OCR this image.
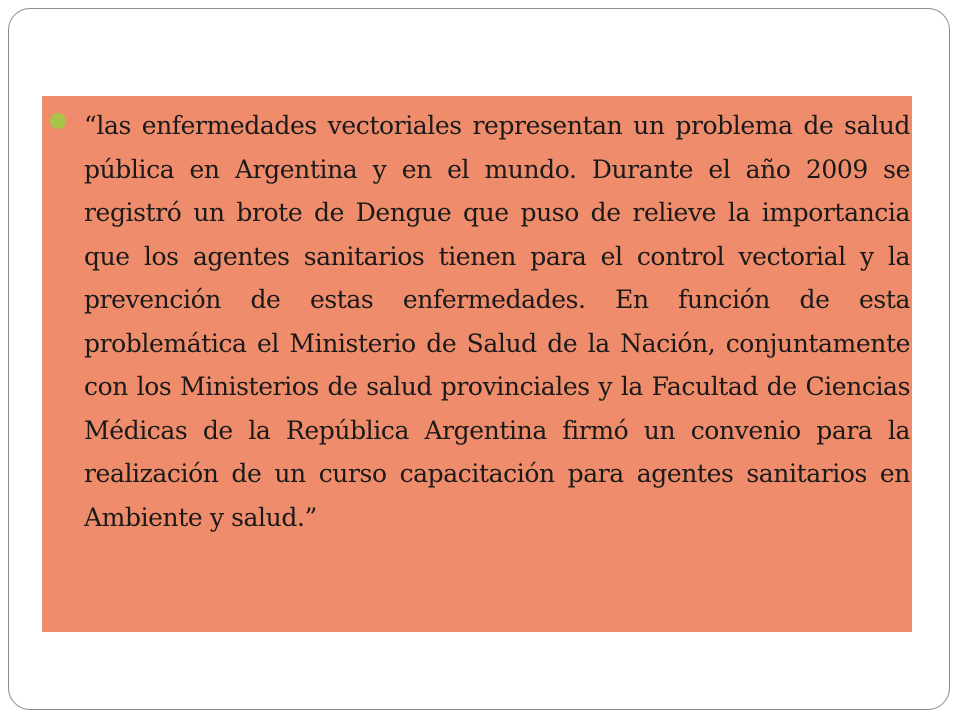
“las enfermedades vectoriales representan un problema de salud pública en Argentina y en el mundo. Durante el año 2009 se registró un brote de Dengue que puso de relieve la importancia que los agentes sanitarios tienen para el control vectorial y la prevención de estas enfermedades. En función de esta problemática el Ministerio de Salud de la Nación, conjuntamente con los Ministerios de salud provinciales y la Facultad de Ciencias Médicas de la República Argentina firmó un convenio para la realización de un curso capacitación para agentes sanitarios en Ambiente y salud.”
